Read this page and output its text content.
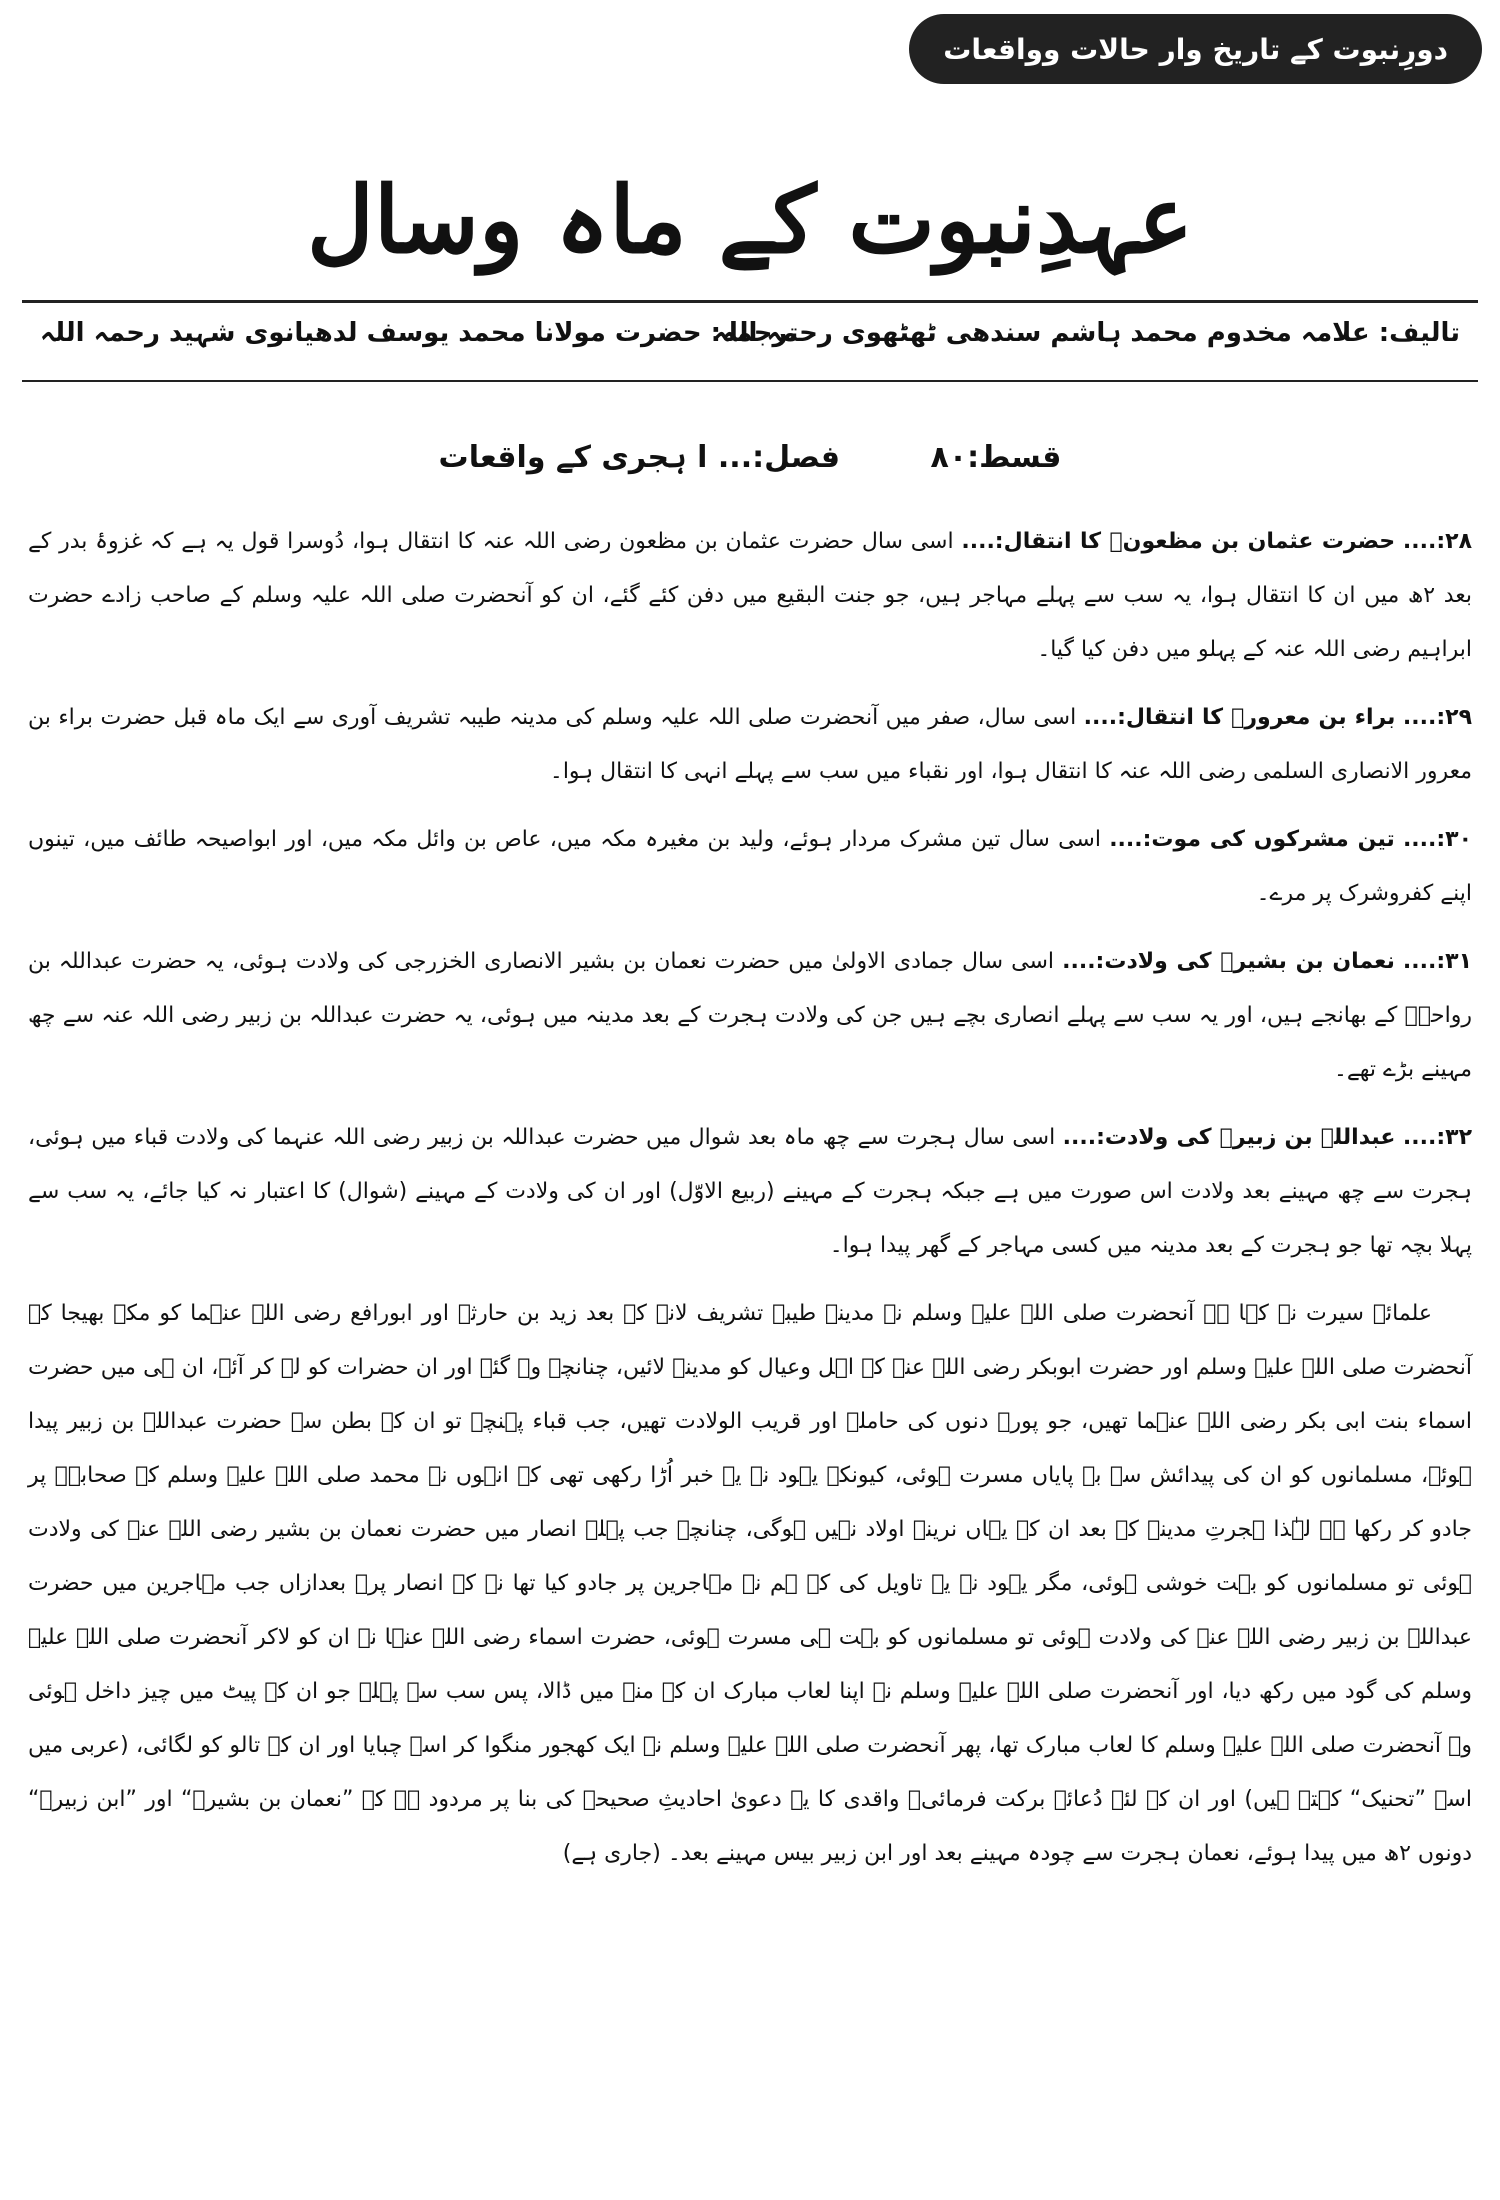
دورِنبوت کے تاریخ وار حالات وواقعات
عہدِنبوت کے ماہ وسال
تالیف: علامہ مخدوم محمد ہاشم سندھی ٹھٹھوی رحمہ اللہ
ترجمہ: حضرت مولانا محمد یوسف لدھیانوی شہید رحمہ اللہ
قسط:۸۰ فصل:... ا ہجری کے واقعات

۲۸:.... حضرت عثمان بن مظعونؓ کا انتقال:.... اسی سال حضرت عثمان بن مظعون رضی اللہ عنہ کا انتقال ہوا، دُوسرا قول یہ ہے کہ غزوۂ بدر کے بعد ۲ھ میں ان کا انتقال ہوا، یہ سب سے پہلے مہاجر ہیں، جو جنت البقیع میں دفن کئے گئے، ان کو آنحضرت صلی اللہ علیہ وسلم کے صاحب زادے حضرت ابراہیم رضی اللہ عنہ کے پہلو میں دفن کیا گیا۔

۲۹:.... براء بن معرورؓ کا انتقال:.... اسی سال، صفر میں آنحضرت صلی اللہ علیہ وسلم کی مدینہ طیبہ تشریف آوری سے ایک ماہ قبل حضرت براء بن معرور الانصاری السلمی رضی اللہ عنہ کا انتقال ہوا، اور نقباء میں سب سے پہلے انہی کا انتقال ہوا۔

۳۰:.... تین مشرکوں کی موت:.... اسی سال تین مشرک مردار ہوئے، ولید بن مغیرہ مکہ میں، عاص بن وائل مکہ میں، اور ابواصیحہ طائف میں، تینوں اپنے کفروشرک پر مرے۔

۳۱:.... نعمان بن بشیرؓ کی ولادت:.... اسی سال جمادی الاولیٰ میں حضرت نعمان بن بشیر الانصاری الخزرجی کی ولادت ہوئی، یہ حضرت عبداللہ بن رواحہؓ کے بھانجے ہیں، اور یہ سب سے پہلے انصاری بچے ہیں جن کی ولادت ہجرت کے بعد مدینہ میں ہوئی، یہ حضرت عبداللہ بن زبیر رضی اللہ عنہ سے چھ مہینے بڑے تھے۔

۳۲:.... عبداللہ بن زبیرؓ کی ولادت:.... اسی سال ہجرت سے چھ ماہ بعد شوال میں حضرت عبداللہ بن زبیر رضی اللہ عنہما کی ولادت قباء میں ہوئی، ہجرت سے چھ مہینے بعد ولادت اس صورت میں ہے جبکہ ہجرت کے مہینے (ربیع الاوّل) اور ان کی ولادت کے مہینے (شوال) کا اعتبار نہ کیا جائے، یہ سب سے پہلا بچہ تھا جو ہجرت کے بعد مدینہ میں کسی مہاجر کے گھر پیدا ہوا۔

علمائے سیرت نے کہا ہے آنحضرت صلی اللہ علیہ وسلم نے مدینہ طیبہ تشریف لانے کے بعد زید بن حارثہ اور ابورافع رضی اللہ عنہما کو مکہ بھیجا کہ آنحضرت صلی اللہ علیہ وسلم اور حضرت ابوبکر رضی اللہ عنہ کے اہل وعیال کو مدینہ لائیں، چنانچہ وہ گئے اور ان حضرات کو لے کر آئے، ان ہی میں حضرت اسماء بنت ابی بکر رضی اللہ عنہما تھیں، جو پورے دنوں کی حاملہ اور قریب الولادت تھیں، جب قباء پہنچے تو ان کے بطن سے حضرت عبداللہ بن زبیر پیدا ہوئے، مسلمانوں کو ان کی پیدائش سے بے پایاں مسرت ہوئی، کیونکہ یہود نے یہ خبر اُڑا رکھی تھی کہ انہوں نے محمد صلی اللہ علیہ وسلم کے صحابہؓ پر جادو کر رکھا ہے لہٰذا ہجرتِ مدینہ کے بعد ان کے یہاں نرینہ اولاد نہیں ہوگی، چنانچہ جب پہلے انصار میں حضرت نعمان بن بشیر رضی اللہ عنہ کی ولادت ہوئی تو مسلمانوں کو بہت خوشی ہوئی، مگر یہود نے یہ تاویل کی کہ ہم نے مہاجرین پر جادو کیا تھا نہ کہ انصار پر۔ بعدازاں جب مہاجرین میں حضرت عبداللہ بن زبیر رضی اللہ عنہ کی ولادت ہوئی تو مسلمانوں کو بہت ہی مسرت ہوئی، حضرت اسماء رضی اللہ عنہا نے ان کو لاکر آنحضرت صلی اللہ علیہ وسلم کی گود میں رکھ دیا، اور آنحضرت صلی اللہ علیہ وسلم نے اپنا لعاب مبارک ان کے منہ میں ڈالا، پس سب سے پہلے جو ان کے پیٹ میں چیز داخل ہوئی وہ آنحضرت صلی اللہ علیہ وسلم کا لعاب مبارک تھا، پھر آنحضرت صلی اللہ علیہ وسلم نے ایک کھجور منگوا کر اسے چبایا اور ان کے تالو کو لگائی، (عربی میں اسے ”تحنیک“ کہتے ہیں) اور ان کے لئے دُعائے برکت فرمائی۔ واقدی کا یہ دعویٰ احادیثِ صحیحہ کی بنا پر مردود ہے کہ ”نعمان بن بشیرؓ“ اور ”ابن زبیرؓ“ دونوں ۲ھ میں پیدا ہوئے، نعمان ہجرت سے چودہ مہینے بعد اور ابن زبیر بیس مہینے بعد۔ (جاری ہے)
